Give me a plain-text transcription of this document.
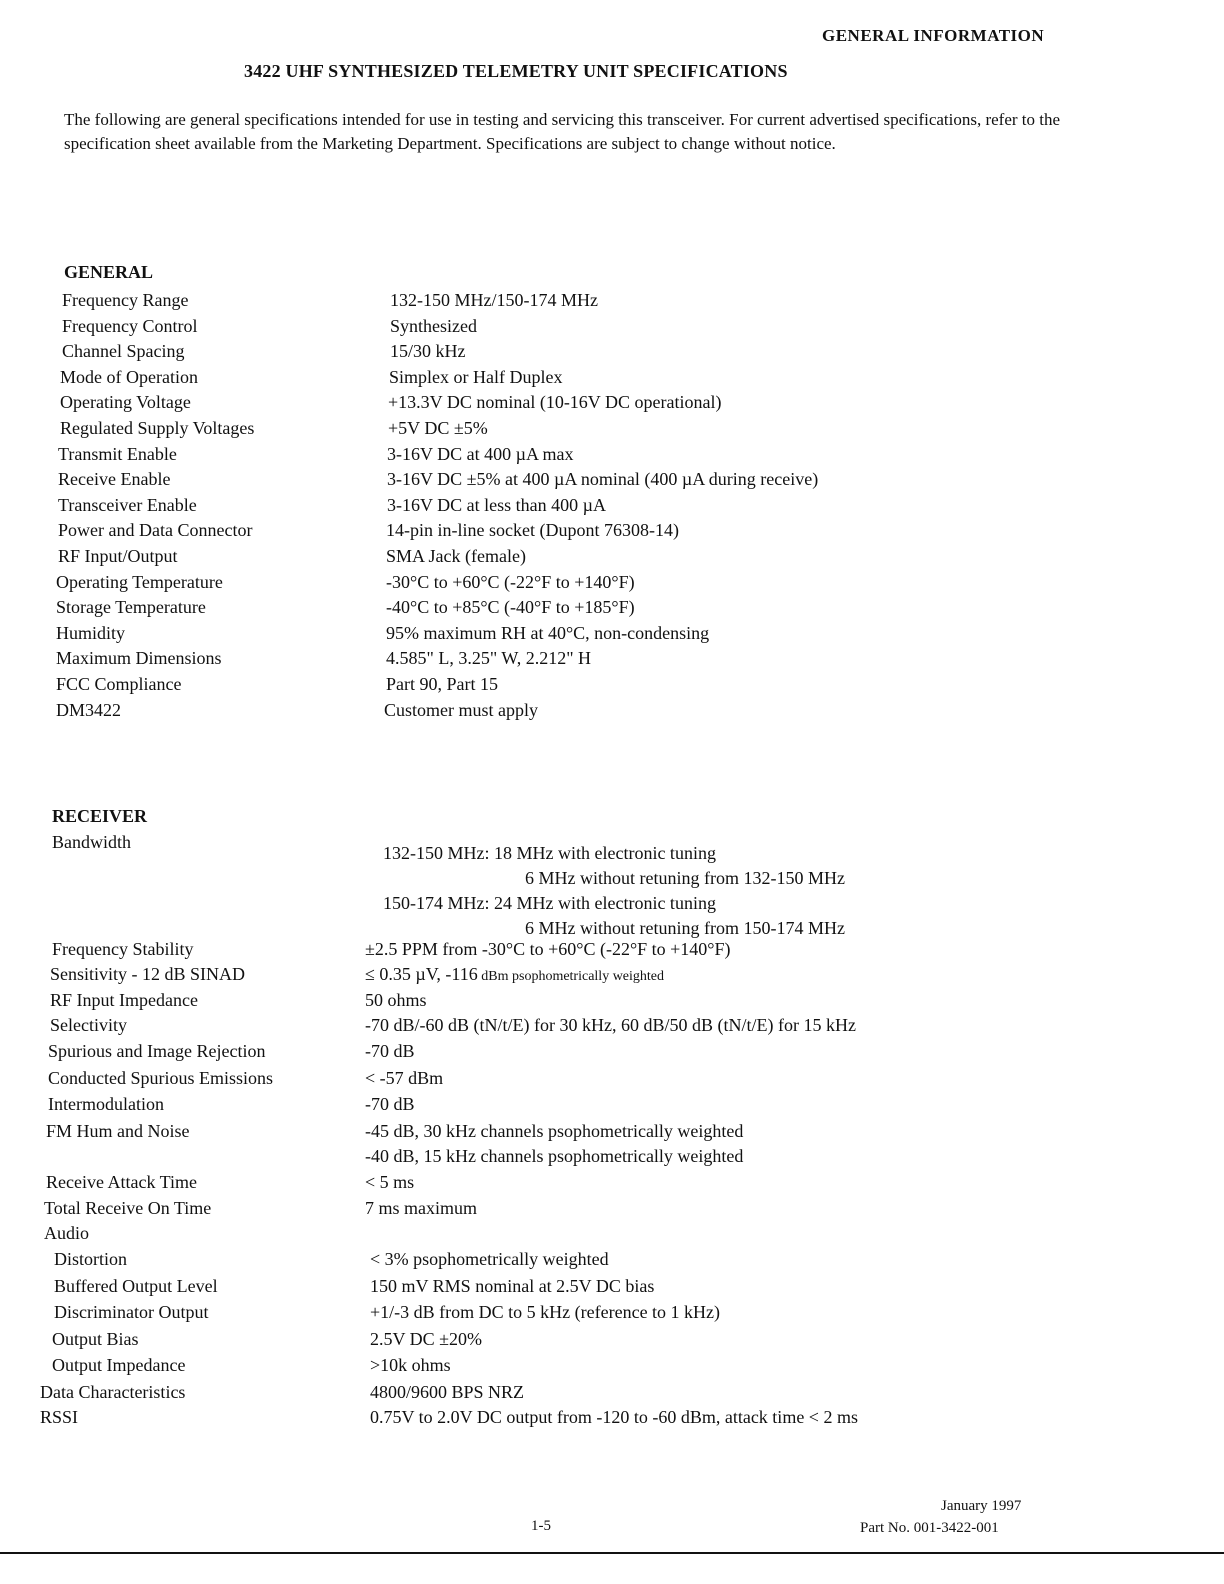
GENERAL INFORMATION
3422 UHF SYNTHESIZED TELEMETRY UNIT SPECIFICATIONS
The following are general specifications intended for use in testing and servicing this transceiver. For current advertised specifications, refer to the specification sheet available from the Marketing Department. Specifications are subject to change without notice.
GENERAL
Frequency Range	132-150 MHz/150-174 MHz
Frequency Control	Synthesized
Channel Spacing	15/30 kHz
Mode of Operation	Simplex or Half Duplex
Operating Voltage	+13.3V DC nominal (10-16V DC operational)
Regulated Supply Voltages	+5V DC ±5%
Transmit Enable	3-16V DC at 400 µA max
Receive Enable	3-16V DC ±5% at 400 µA nominal (400 µA during receive)
Transceiver Enable	3-16V DC at less than 400 µA
Power and Data Connector	14-pin in-line socket (Dupont 76308-14)
RF Input/Output	SMA Jack (female)
Operating Temperature	-30°C to +60°C (-22°F to +140°F)
Storage Temperature	-40°C to +85°C (-40°F to +185°F)
Humidity	95% maximum RH at 40°C, non-condensing
Maximum Dimensions	4.585" L, 3.25" W, 2.212" H
FCC Compliance	Part 90, Part 15
DM3422	Customer must apply
RECEIVER
Bandwidth
132-150 MHz: 18 MHz with electronic tuning
6 MHz without retuning from 132-150 MHz
150-174 MHz: 24 MHz with electronic tuning
6 MHz without retuning from 150-174 MHz
Frequency Stability	±2.5 PPM from -30°C to +60°C (-22°F to +140°F)
Sensitivity - 12 dB SINAD	≤ 0.35 µV, -116 dBm psophometrically weighted
RF Input Impedance	50 ohms
Selectivity	-70 dB/-60 dB (tN/t/E) for 30 kHz, 60 dB/50 dB (tN/t/E) for 15 kHz
Spurious and Image Rejection	-70 dB
Conducted Spurious Emissions	< -57 dBm
Intermodulation	-70 dB
FM Hum and Noise	-45 dB, 30 kHz channels psophometrically weighted
-40 dB, 15 kHz channels psophometrically weighted
Receive Attack Time	< 5 ms
Total Receive On Time	7 ms maximum
Audio
Distortion	< 3% psophometrically weighted
Buffered Output Level	150 mV RMS nominal at 2.5V DC bias
Discriminator Output	+1/-3 dB from DC to 5 kHz (reference to 1 kHz)
Output Bias	2.5V DC ±20%
Output Impedance	>10k ohms
Data Characteristics	4800/9600 BPS NRZ
RSSI	0.75V to 2.0V DC output from -120 to -60 dBm, attack time < 2 ms
January 1997
1-5	Part No. 001-3422-001
